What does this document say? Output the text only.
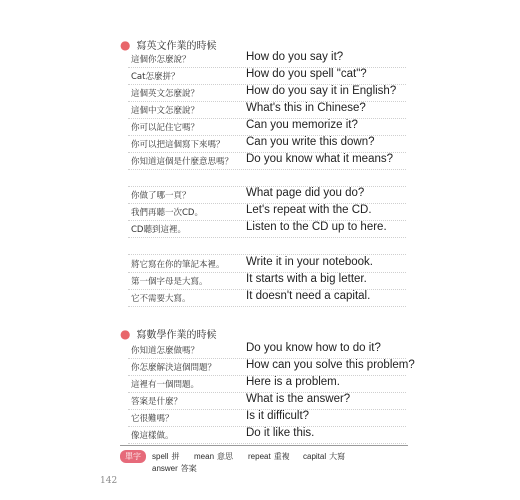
● 寫英文作業的時候
這個你怎麼說？	How do you say it?
Cat怎麼拼？	How do you spell "cat"?
這個英文怎麼說？	How do you say it in English?
這個中文怎麼說？	What's this in Chinese?
你可以記住它嗎？	Can you memorize it?
你可以把這個寫下來嗎？ Can you write this down?
你知道這個是什麼意思嗎？ Do you know what it means?
你做了哪一頁？	What page did you do?
我們再聽一次CD。	Let's repeat with the CD.
CD聽到這裡。	Listen to the CD up to here.
將它寫在你的筆記本裡。 Write it in your notebook.
第一個字母是大寫。	It starts with a big letter.
它不需要大寫。	It doesn't need a capital.
● 寫數學作業的時候
你知道怎麼做嗎？	Do you know how to do it?
你怎麼解決這個問題？	How can you solve this problem?
這裡有一個問題。	Here is a problem.
答案是什麼？	What is the answer?
它很難嗎？	Is it difficult?
像這樣做。	Do it like this.
單字	spell 拼 mean 意思 repeat 重複 capital 大寫
answer 答案
142
